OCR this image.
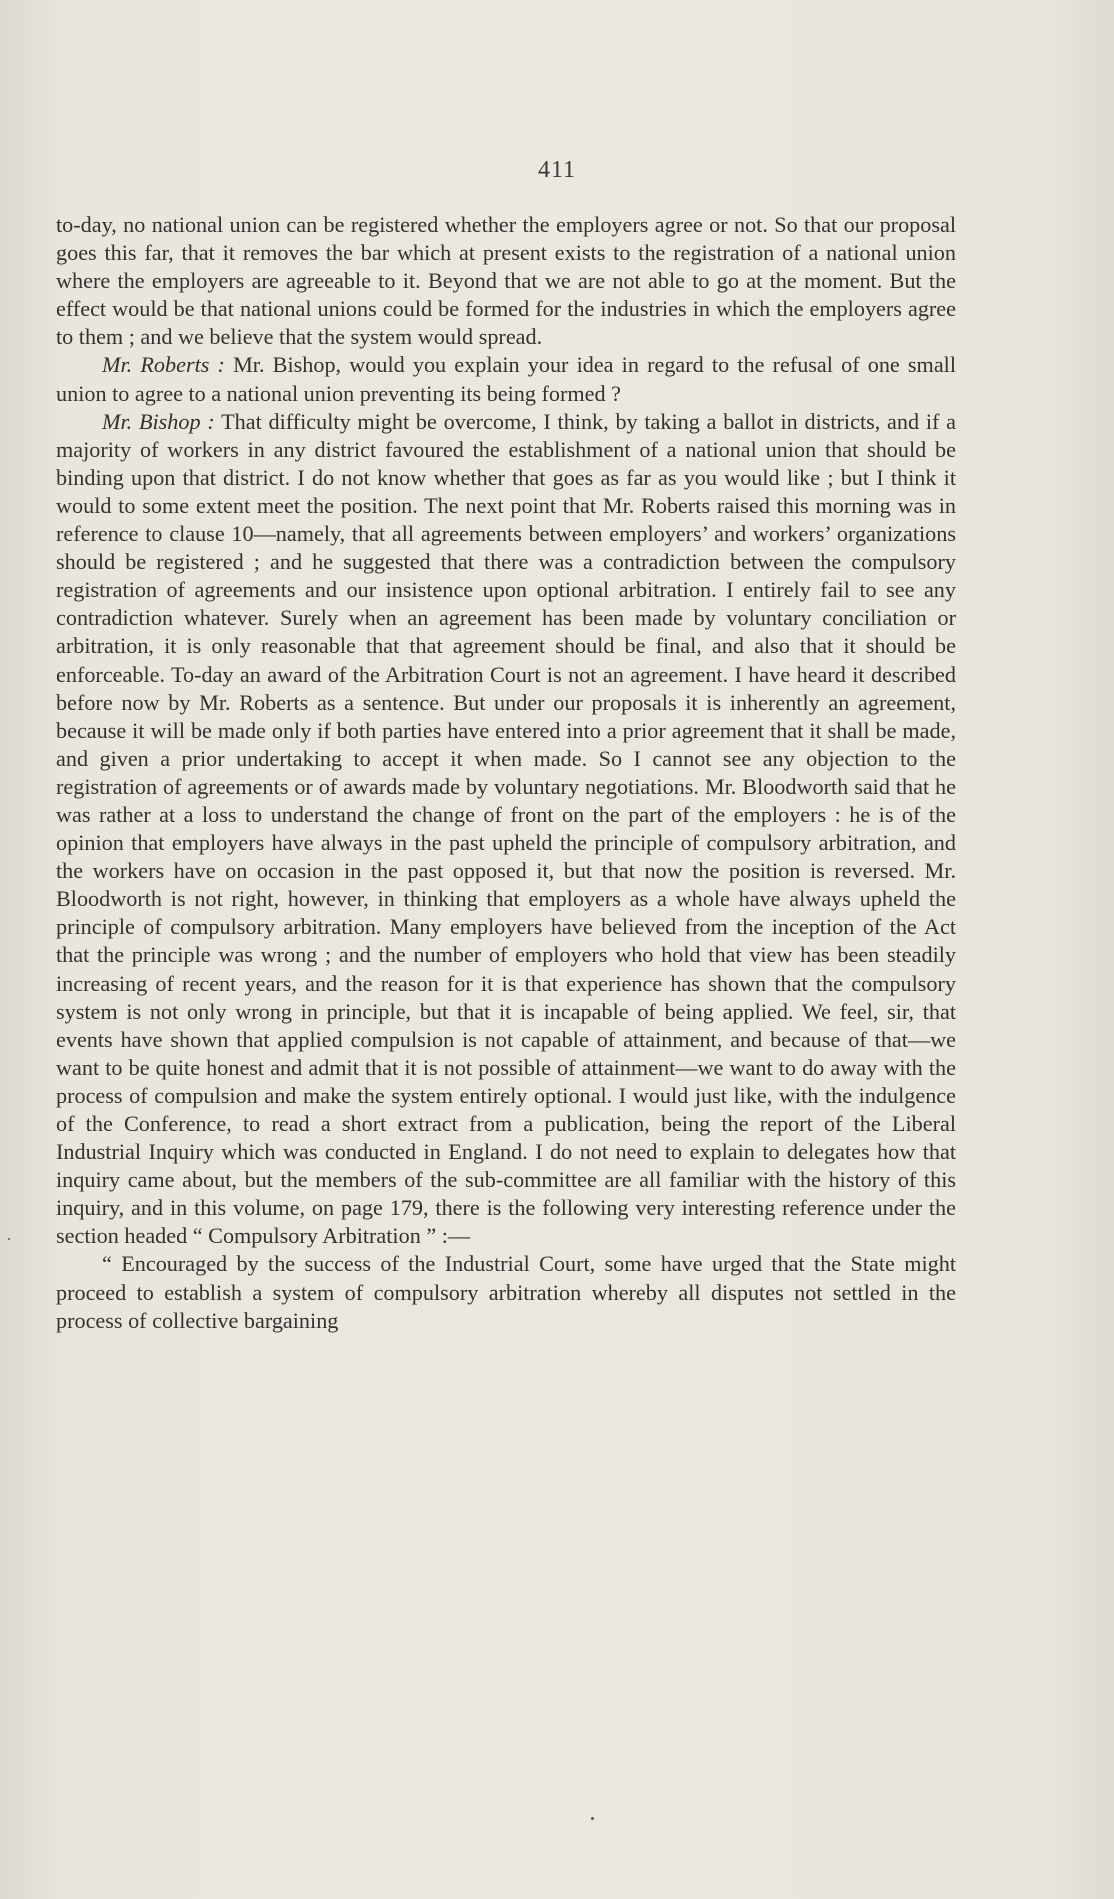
411

to-day, no national union can be registered whether the employers agree or not. So that our proposal goes this far, that it removes the bar which at present exists to the registration of a national union where the employers are agreeable to it. Beyond that we are not able to go at the moment. But the effect would be that national unions could be formed for the industries in which the employers agree to them ; and we believe that the system would spread.

Mr. Roberts : Mr. Bishop, would you explain your idea in regard to the refusal of one small union to agree to a national union preventing its being formed ?

Mr. Bishop : That difficulty might be overcome, I think, by taking a ballot in districts, and if a majority of workers in any district favoured the establishment of a national union that should be binding upon that district. I do not know whether that goes as far as you would like ; but I think it would to some extent meet the position. The next point that Mr. Roberts raised this morning was in reference to clause 10—namely, that all agreements between employers’ and workers’ organizations should be registered ; and he suggested that there was a contradiction between the compulsory registration of agreements and our insistence upon optional arbitration. I entirely fail to see any contradiction whatever. Surely when an agreement has been made by voluntary conciliation or arbitration, it is only reasonable that that agreement should be final, and also that it should be enforceable. To-day an award of the Arbitration Court is not an agreement. I have heard it described before now by Mr. Roberts as a sentence. But under our proposals it is inherently an agreement, because it will be made only if both parties have entered into a prior agreement that it shall be made, and given a prior undertaking to accept it when made. So I cannot see any objection to the registration of agreements or of awards made by voluntary negotiations. Mr. Bloodworth said that he was rather at a loss to understand the change of front on the part of the employers : he is of the opinion that employers have always in the past upheld the principle of compulsory arbitration, and the workers have on occasion in the past opposed it, but that now the position is reversed. Mr. Bloodworth is not right, however, in thinking that employers as a whole have always upheld the principle of compulsory arbitration. Many employers have believed from the inception of the Act that the principle was wrong ; and the number of employers who hold that view has been steadily increasing of recent years, and the reason for it is that experience has shown that the compulsory system is not only wrong in principle, but that it is incapable of being applied. We feel, sir, that events have shown that applied compulsion is not capable of attainment, and because of that—we want to be quite honest and admit that it is not possible of attainment—we want to do away with the process of compulsion and make the system entirely optional. I would just like, with the indulgence of the Conference, to read a short extract from a publication, being the report of the Liberal Industrial Inquiry which was conducted in England. I do not need to explain to delegates how that inquiry came about, but the members of the sub-committee are all familiar with the history of this inquiry, and in this volume, on page 179, there is the following very interesting reference under the section headed “ Compulsory Arbitration ” :—

“ Encouraged by the success of the Industrial Court, some have urged that the State might proceed to establish a system of compulsory arbitration whereby all disputes not settled in the process of collective bargaining
